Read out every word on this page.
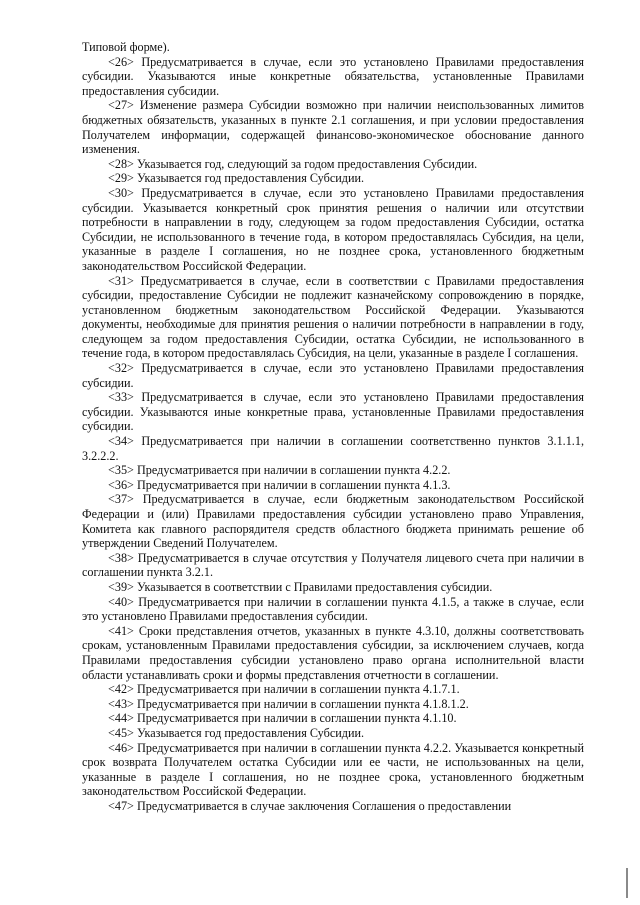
Типовой форме).

<26> Предусматривается в случае, если это установлено Правилами предоставления субсидии. Указываются иные конкретные обязательства, установленные Правилами предоставления субсидии.

<27> Изменение размера Субсидии возможно при наличии неиспользованных лимитов бюджетных обязательств, указанных в пункте 2.1 соглашения, и при условии предоставления Получателем информации, содержащей финансово-экономическое обоснование данного изменения.

<28> Указывается год, следующий за годом предоставления Субсидии.

<29> Указывается год предоставления Субсидии.

<30> Предусматривается в случае, если это установлено Правилами предоставления субсидии. Указывается конкретный срок принятия решения о наличии или отсутствии потребности в направлении в году, следующем за годом предоставления Субсидии, остатка Субсидии, не использованного в течение года, в котором предоставлялась Субсидия, на цели, указанные в разделе I соглашения, но не позднее срока, установленного бюджетным законодательством Российской Федерации.

<31> Предусматривается в случае, если в соответствии с Правилами предоставления субсидии, предоставление Субсидии не подлежит казначейскому сопровождению в порядке, установленном бюджетным законодательством Российской Федерации. Указываются документы, необходимые для принятия решения о наличии потребности в направлении в году, следующем за годом предоставления Субсидии, остатка Субсидии, не использованного в течение года, в котором предоставлялась Субсидия, на цели, указанные в разделе I соглашения.

<32> Предусматривается в случае, если это установлено Правилами предоставления субсидии.

<33> Предусматривается в случае, если это установлено Правилами предоставления субсидии. Указываются иные конкретные права, установленные Правилами предоставления субсидии.

<34> Предусматривается при наличии в соглашении соответственно пунктов 3.1.1.1, 3.2.2.2.

<35> Предусматривается при наличии в соглашении пункта 4.2.2.

<36> Предусматривается при наличии в соглашении пункта 4.1.3.

<37> Предусматривается в случае, если бюджетным законодательством Российской Федерации и (или) Правилами предоставления субсидии установлено право Управления, Комитета как главного распорядителя средств областного бюджета принимать решение об утверждении Сведений Получателем.

<38> Предусматривается в случае отсутствия у Получателя лицевого счета при наличии в соглашении пункта 3.2.1.

<39> Указывается в соответствии с Правилами предоставления субсидии.

<40> Предусматривается при наличии в соглашении пункта 4.1.5, а также в случае, если это установлено Правилами предоставления субсидии.

<41> Сроки представления отчетов, указанных в пункте 4.3.10, должны соответствовать срокам, установленным Правилами предоставления субсидии, за исключением случаев, когда Правилами предоставления субсидии установлено право органа исполнительной власти области устанавливать сроки и формы представления отчетности в соглашении.

<42> Предусматривается при наличии в соглашении пункта 4.1.7.1.

<43> Предусматривается при наличии в соглашении пункта 4.1.8.1.2.

<44> Предусматривается при наличии в соглашении пункта 4.1.10.

<45> Указывается год предоставления Субсидии.

<46> Предусматривается при наличии в соглашении пункта 4.2.2. Указывается конкретный срок возврата Получателем остатка Субсидии или ее части, не использованных на цели, указанные в разделе I соглашения, но не позднее срока, установленного бюджетным законодательством Российской Федерации.

<47> Предусматривается в случае заключения Соглашения о предоставлении
